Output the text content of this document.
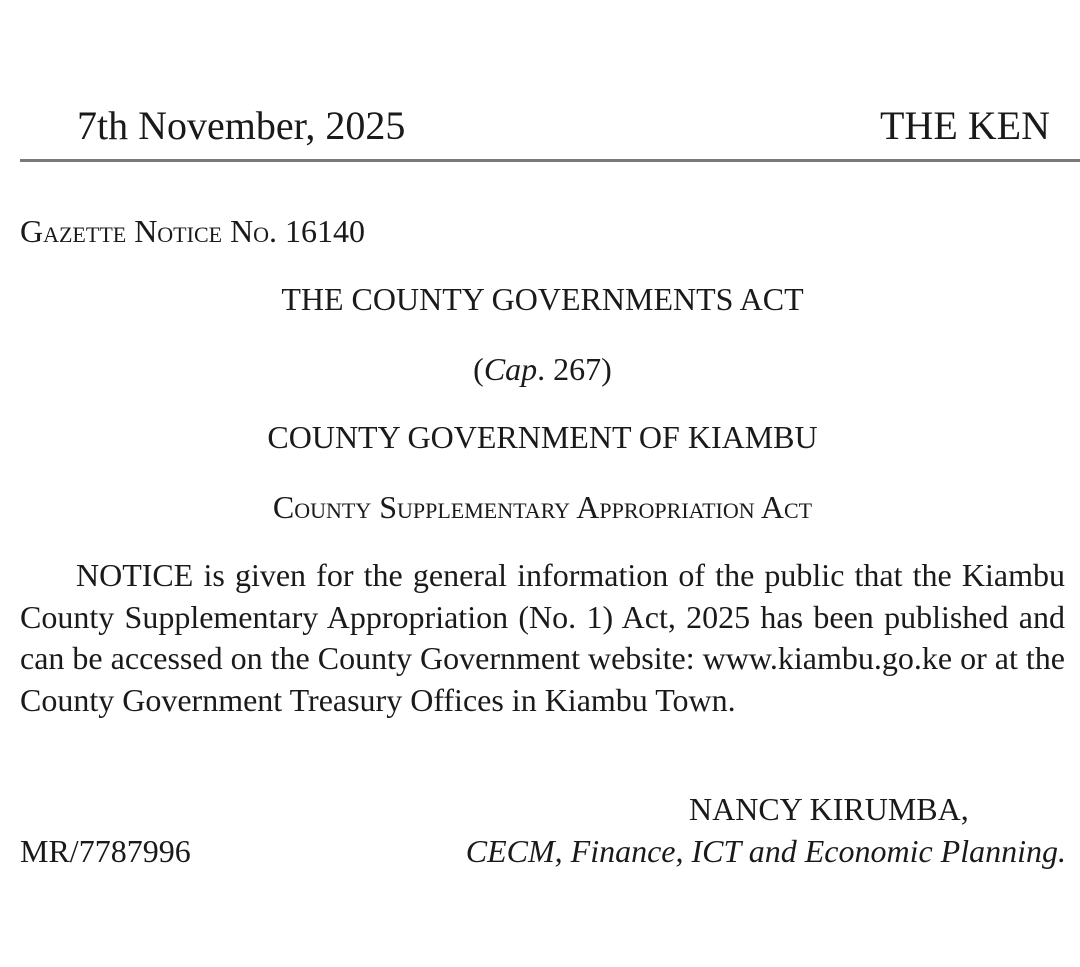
7th November, 2025	THE KEN
Gazette Notice No. 16140
THE COUNTY GOVERNMENTS ACT
(Cap. 267)
COUNTY GOVERNMENT OF KIAMBU
County Supplementary Appropriation Act

NOTICE is given for the general information of the public that the Kiambu County Supplementary Appropriation (No. 1) Act, 2025 has been published and can be accessed on the County Government website: www.kiambu.go.ke or at the County Government Treasury Offices in Kiambu Town.

NANCY KIRUMBA,
MR/7787996	CECM, Finance, ICT and Economic Planning.
